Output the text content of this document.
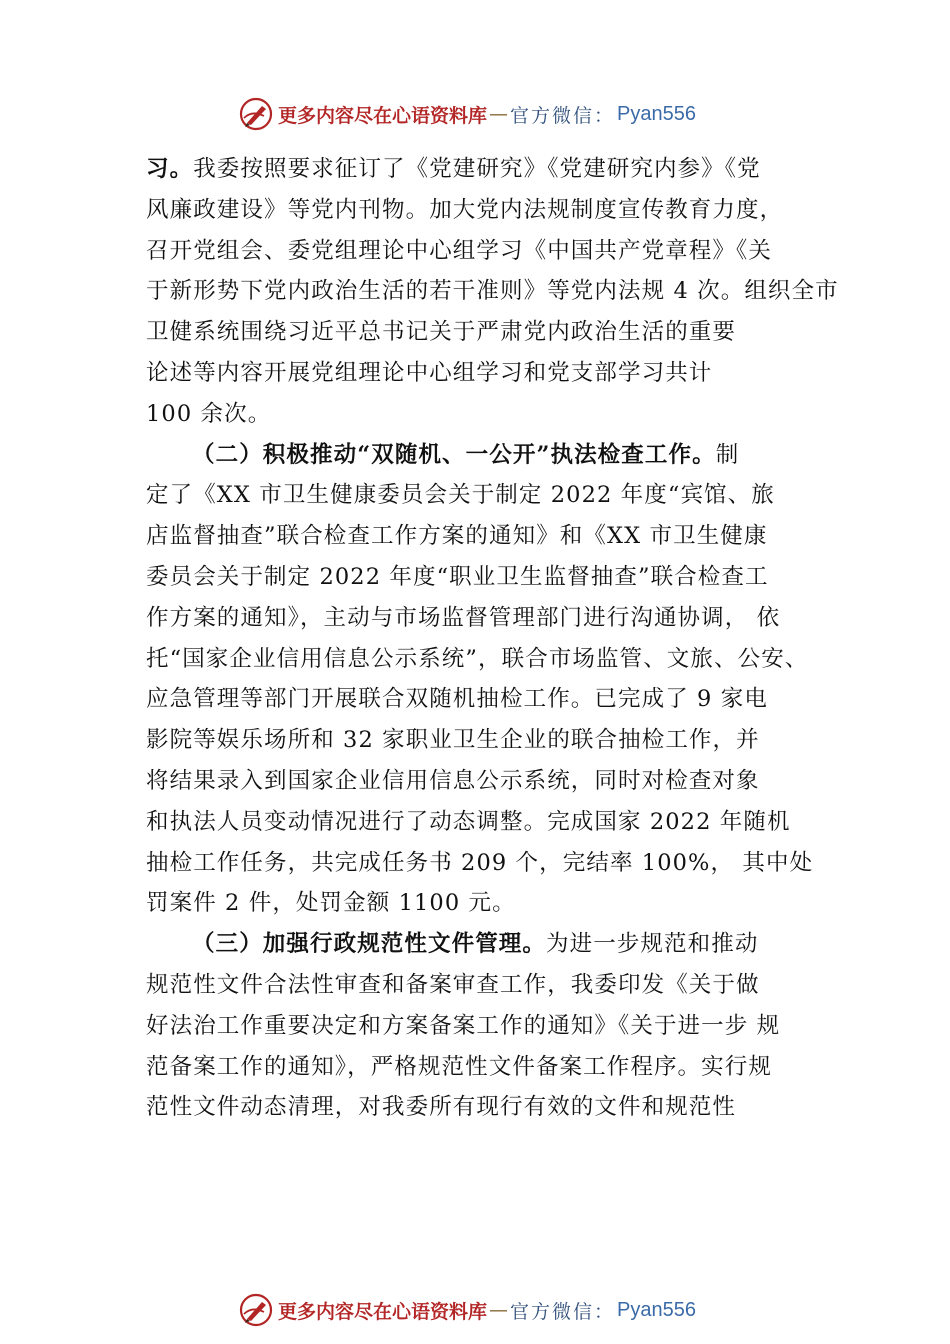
更多内容尽在心语资料库 — 官方微信： Pyan556
习。我委按照要求征订了《党建研究》《党建研究内参》《党
风廉政建设》等党内刊物。加大党内法规制度宣传教育力度，
召开党组会、委党组理论中心组学习《中国共产党章程》《关
于新形势下党内政治生活的若干准则》等党内法规 4 次。组织全市
卫健系统围绕习近平总书记关于严肃党内政治生活的重要
论述等内容开展党组理论中心组学习和党支部学习共计
100 余次。
（二）积极推动“双随机、一公开”执法检查工作。制
定了《XX 市卫生健康委员会关于制定 2022 年度“宾馆、旅
店监督抽查”联合检查工作方案的通知》和《XX 市卫生健康
委员会关于制定 2022 年度“职业卫生监督抽查”联合检查工
作方案的通知》，主动与市场监督管理部门进行沟通协调， 依
托“国家企业信用信息公示系统”，联合市场监管、文旅、公安、
应急管理等部门开展联合双随机抽检工作。已完成了 9 家电
影院等娱乐场所和 32 家职业卫生企业的联合抽检工作，并
将结果录入到国家企业信用信息公示系统，同时对检查对象
和执法人员变动情况进行了动态调整。完成国家 2022 年随机
抽检工作任务，共完成任务书 209 个，完结率 100%， 其中处
罚案件 2 件，处罚金额 1100 元。
（三）加强行政规范性文件管理。为进一步规范和推动
规范性文件合法性审查和备案审查工作，我委印发《关于做
好法治工作重要决定和方案备案工作的通知》《关于进一步 规
范备案工作的通知》，严格规范性文件备案工作程序。实行规
范性文件动态清理，对我委所有现行有效的文件和规范性
更多内容尽在心语资料库 — 官方微信： Pyan556
